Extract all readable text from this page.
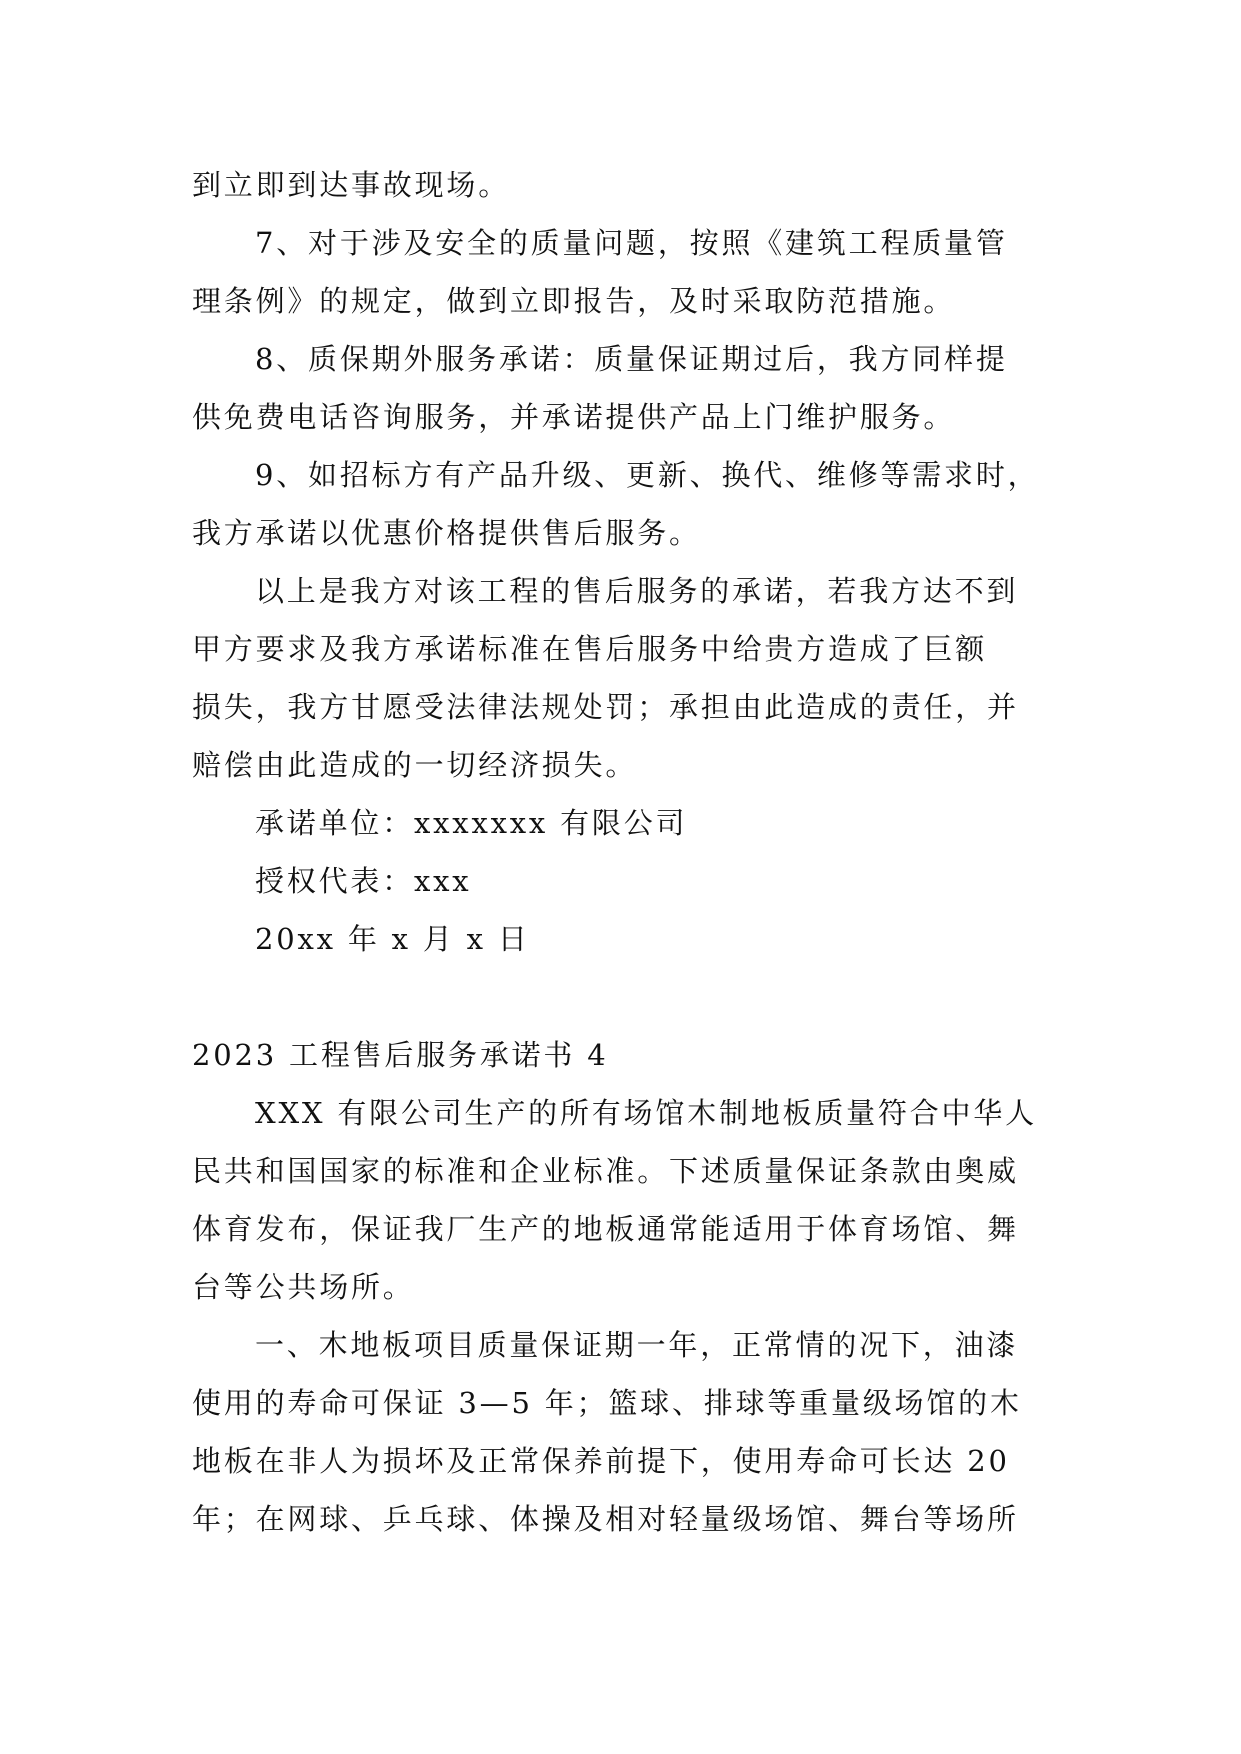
到立即到达事故现场。
7、对于涉及安全的质量问题，按照《建筑工程质量管
理条例》的规定，做到立即报告，及时采取防范措施。
8、质保期外服务承诺：质量保证期过后，我方同样提
供免费电话咨询服务，并承诺提供产品上门维护服务。
9、如招标方有产品升级、更新、换代、维修等需求时，
我方承诺以优惠价格提供售后服务。
以上是我方对该工程的售后服务的承诺，若我方达不到
甲方要求及我方承诺标准在售后服务中给贵方造成了巨额
损失，我方甘愿受法律法规处罚；承担由此造成的责任，并
赔偿由此造成的一切经济损失。
承诺单位：xxxxxxx 有限公司
授权代表：xxx
20xx 年 x 月 x 日
2023 工程售后服务承诺书 4
XXX 有限公司生产的所有场馆木制地板质量符合中华人
民共和国国家的标准和企业标准。下述质量保证条款由奥威
体育发布，保证我厂生产的地板通常能适用于体育场馆、舞
台等公共场所。
一、木地板项目质量保证期一年，正常情的况下，油漆
使用的寿命可保证 3—5 年；篮球、排球等重量级场馆的木
地板在非人为损坏及正常保养前提下，使用寿命可长达 20
年；在网球、乒乓球、体操及相对轻量级场馆、舞台等场所
